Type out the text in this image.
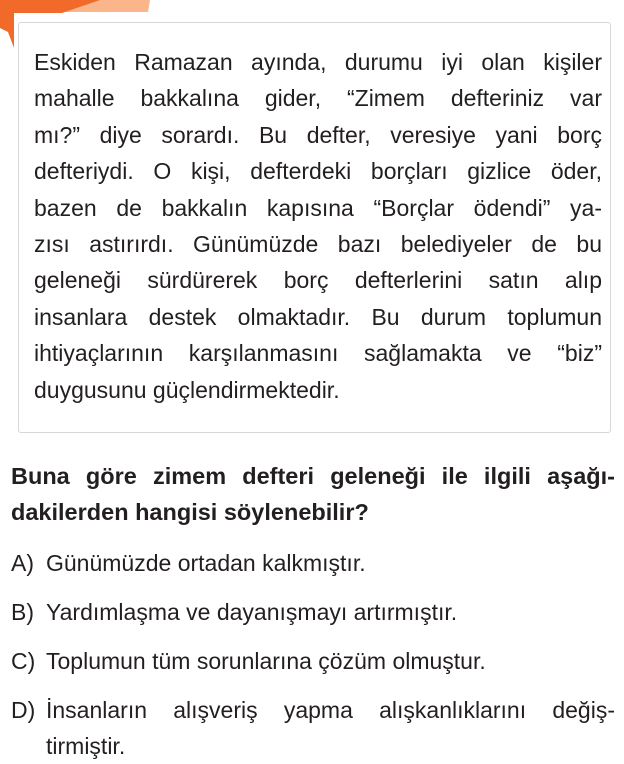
Eskiden Ramazan ayında, durumu iyi olan kişiler
mahalle bakkalına gider, “Zimem defteriniz var
mı?” diye sorardı. Bu defter, veresiye yani borç
defteriydi. O kişi, defterdeki borçları gizlice öder,
bazen de bakkalın kapısına “Borçlar ödendi” ya-
zısı astırırdı. Günümüzde bazı belediyeler de bu
geleneği sürdürerek borç defterlerini satın alıp
insanlara destek olmaktadır. Bu durum toplumun
ihtiyaçlarının karşılanmasını sağlamakta ve “biz”
duygusunu güçlendirmektedir.
Buna göre zimem defteri geleneği ile ilgili aşağı-
dakilerden hangisi söylenebilir?
A) Günümüzde ortadan kalkmıştır.
B) Yardımlaşma ve dayanışmayı artırmıştır.
C) Toplumun tüm sorunlarına çözüm olmuştur.
D) İnsanların alışveriş yapma alışkanlıklarını değiş-
tirmiştir.
